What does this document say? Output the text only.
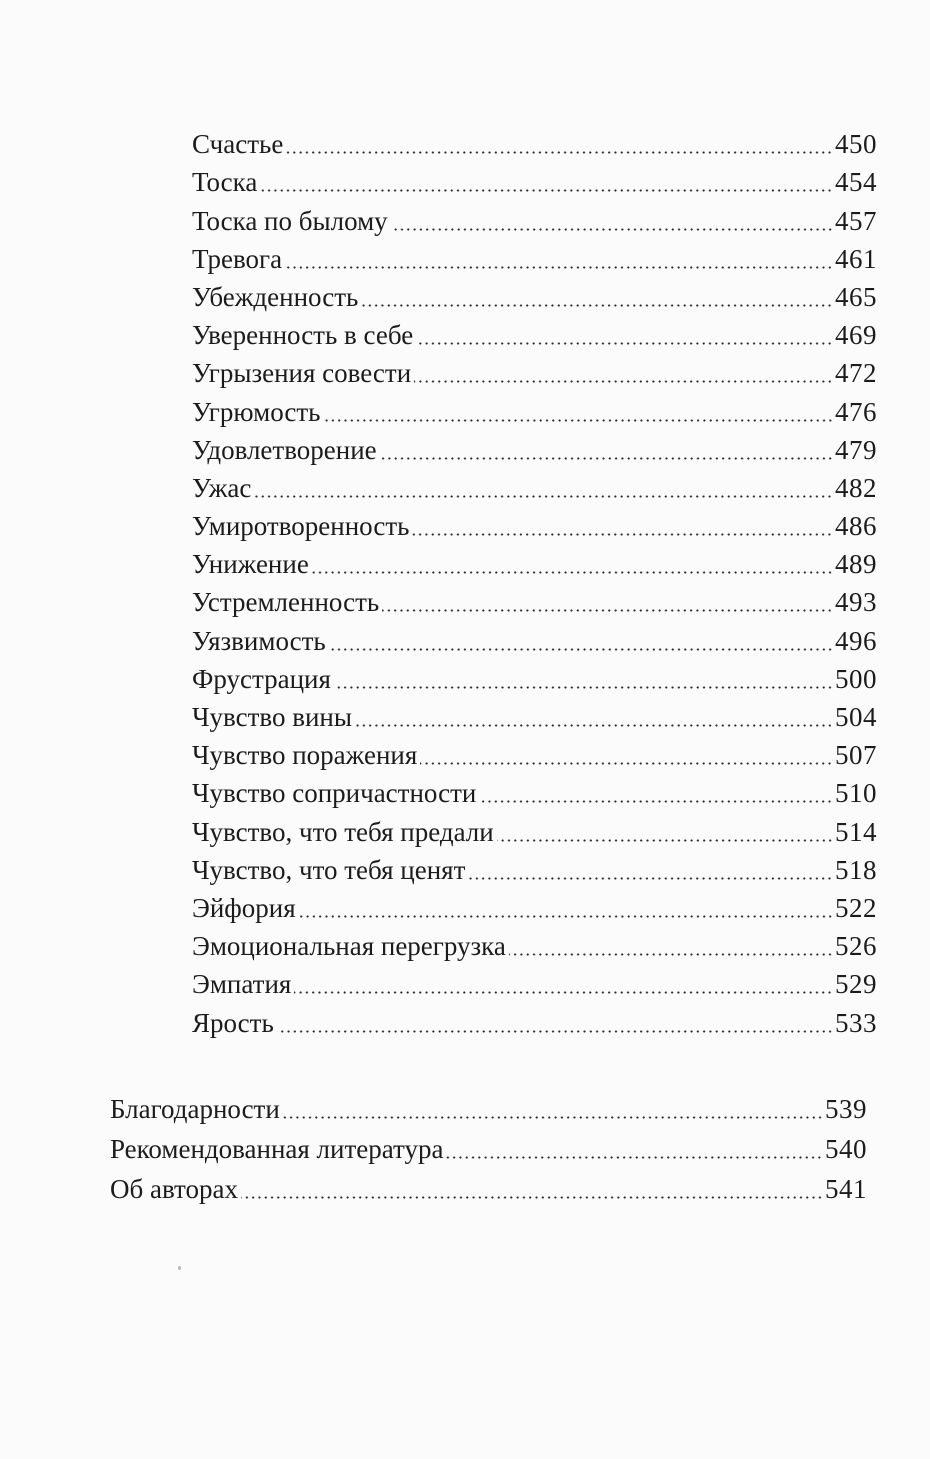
Счастье	450
Тоска	454
Тоска по былому	457
Тревога	461
Убежденность	465
Уверенность в себе	469
Угрызения совести	472
Угрюмость	476
Удовлетворение	479
Ужас	482
Умиротворенность	486
Унижение	489
Устремленность	493
Уязвимость	496
Фрустрация	500
Чувство вины	504
Чувство поражения	507
Чувство сопричастности	510
Чувство, что тебя предали	514
Чувство, что тебя ценят	518
Эйфория	522
Эмоциональная перегрузка	526
Эмпатия	529
Ярость	533
Благодарности	539
Рекомендованная литература	540
Об авторах	541
